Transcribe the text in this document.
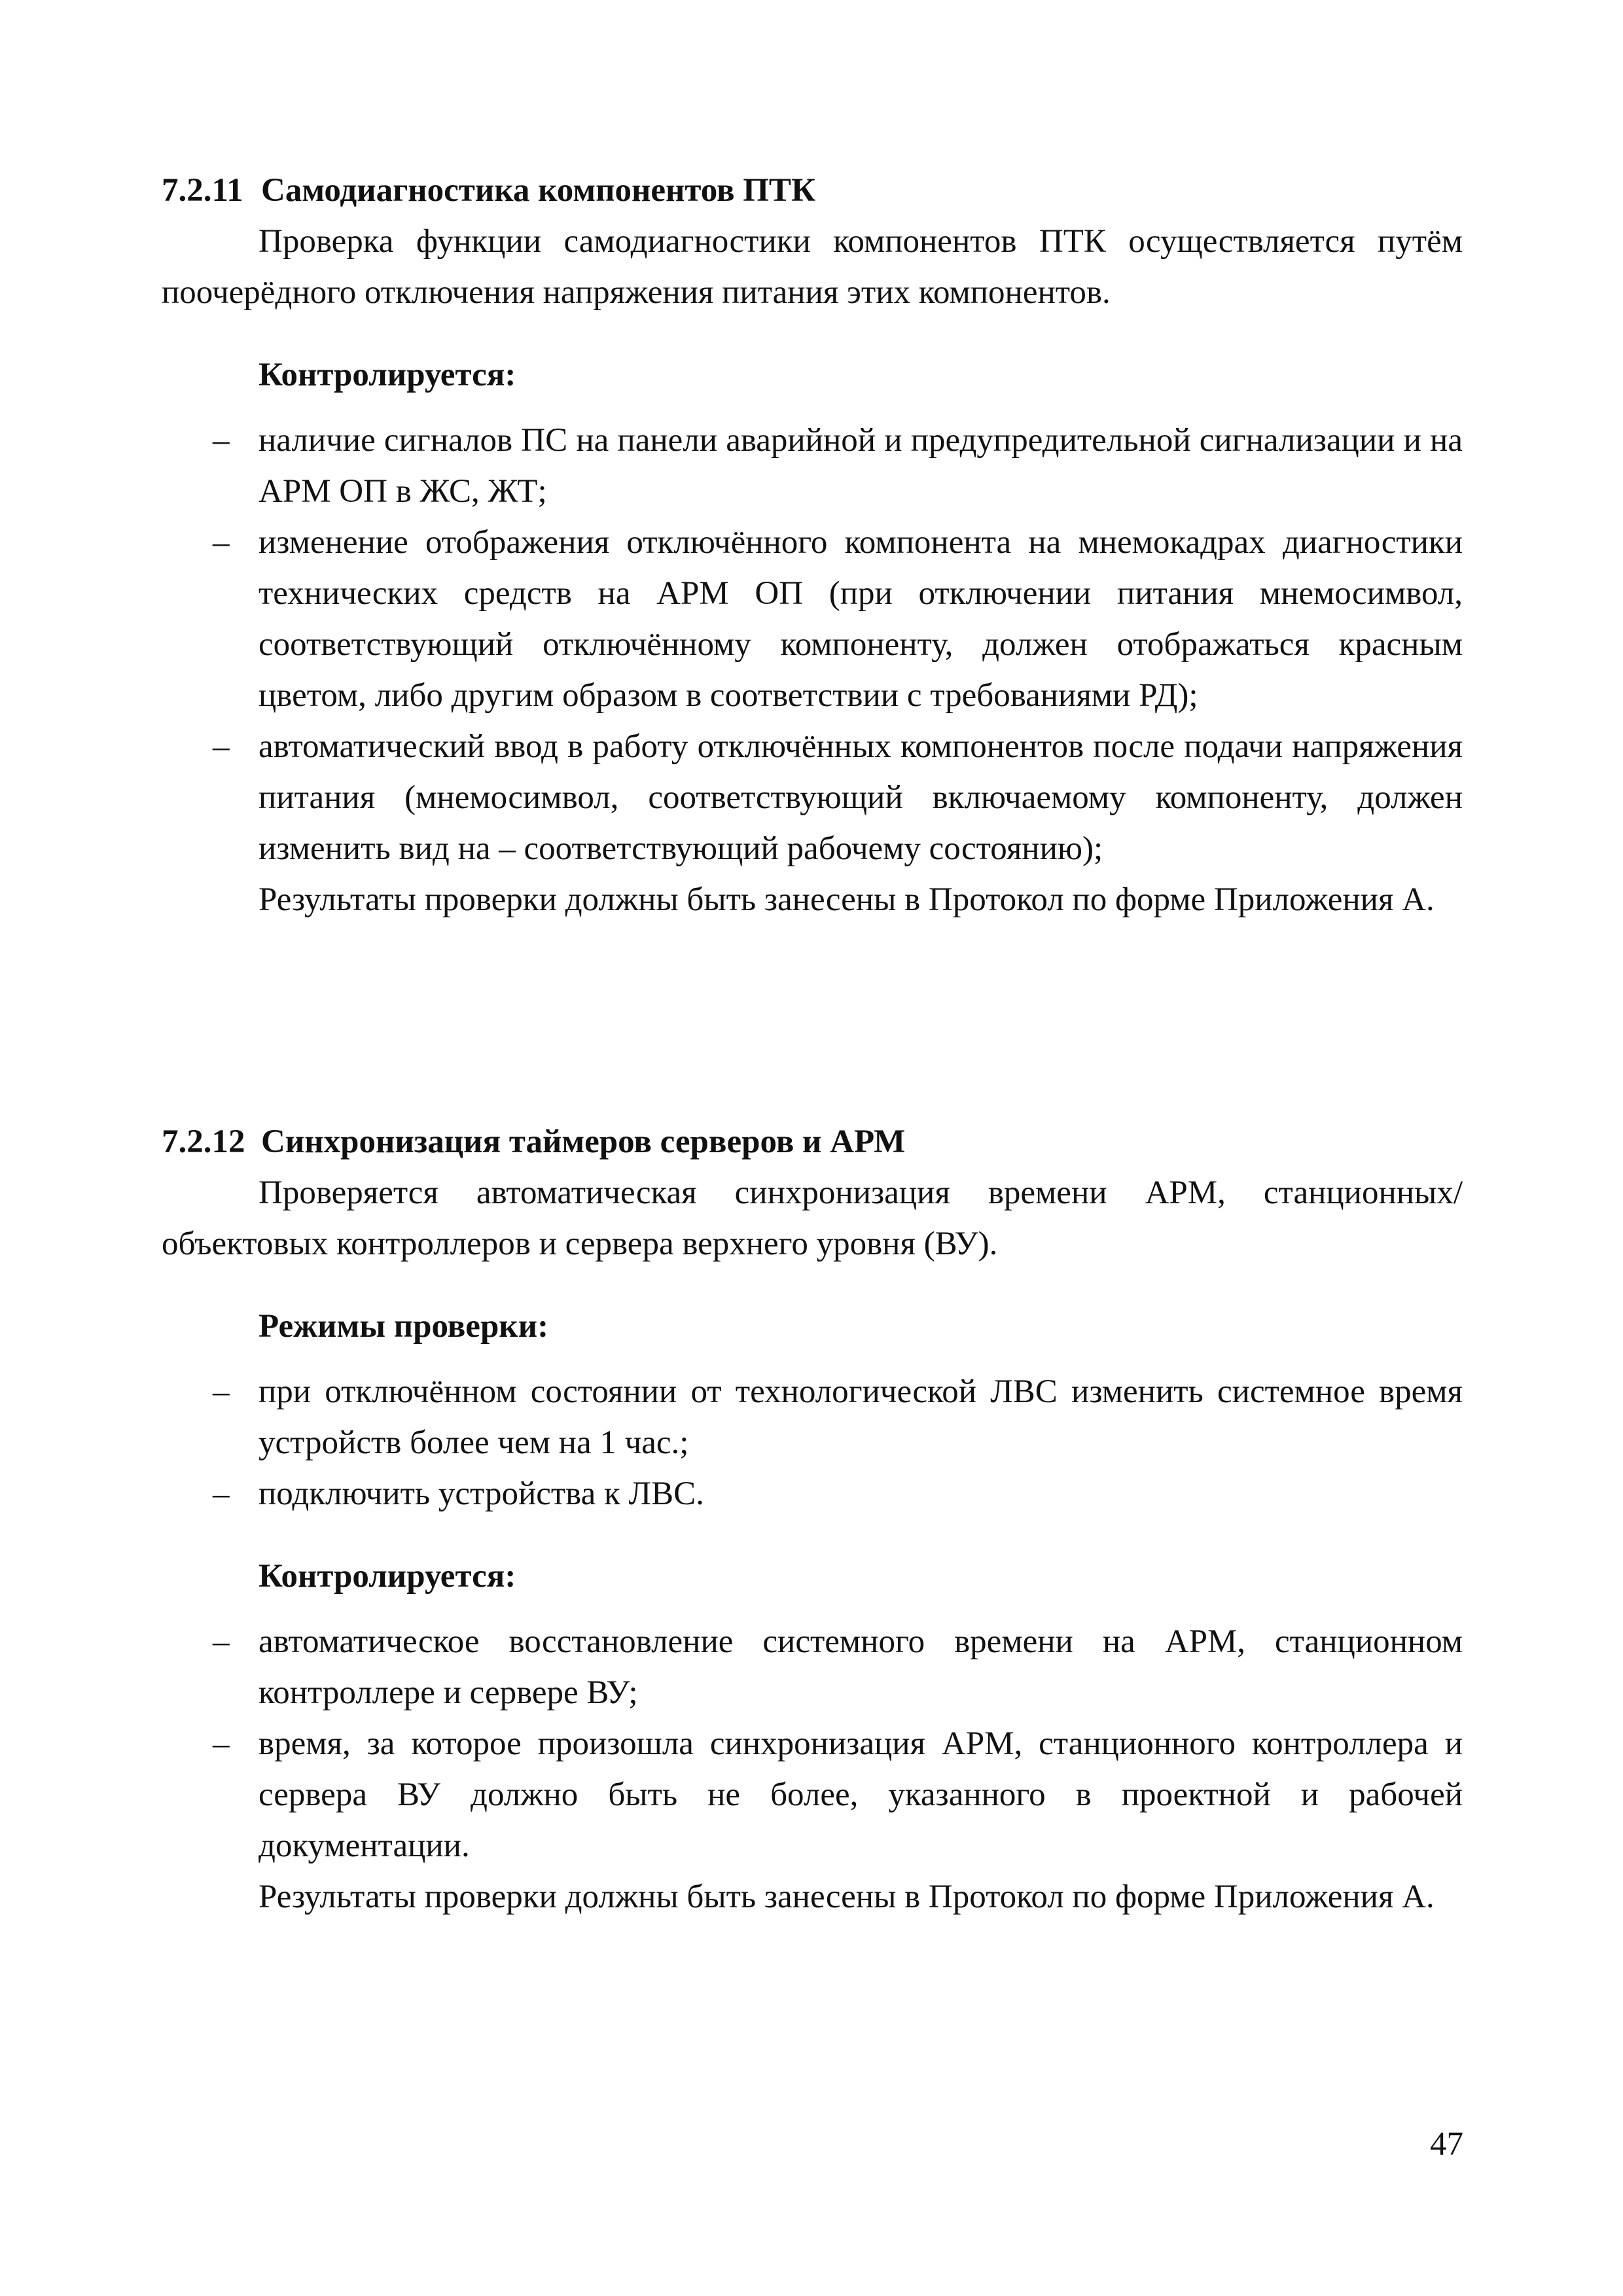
7.2.11 Самодиагностика компонентов ПТК

Проверка функции самодиагностики компонентов ПТК осуществляется путём поочерёдного отключения напряжения питания этих компонентов.

Контролируется:
– наличие сигналов ПС на панели аварийной и предупредительной сигнализации и на АРМ ОП в ЖС, ЖТ;
– изменение отображения отключённого компонента на мнемокадрах диагностики технических средств на АРМ ОП (при отключении питания мнемосимвол, соответствующий отключённому компоненту, должен отображаться красным цветом, либо другим образом в соответствии с требованиями РД);
– автоматический ввод в работу отключённых компонентов после подачи напряжения питания (мнемосимвол, соответствующий включаемому компоненту, должен изменить вид на – соответствующий рабочему состоянию);

Результаты проверки должны быть занесены в Протокол по форме Приложения А.

7.2.12 Синхронизация таймеров серверов и АРМ

Проверяется автоматическая синхронизация времени АРМ, станционных/объектовых контроллеров и сервера верхнего уровня (ВУ).

Режимы проверки:
– при отключённом состоянии от технологической ЛВС изменить системное время устройств более чем на 1 час.;
– подключить устройства к ЛВС.
Контролируется:
– автоматическое восстановление системного времени на АРМ, станционном контроллере и сервере ВУ;
– время, за которое произошла синхронизация АРМ, станционного контроллера и сервера ВУ должно быть не более, указанного в проектной и рабочей документации.

Результаты проверки должны быть занесены в Протокол по форме Приложения А.

47
